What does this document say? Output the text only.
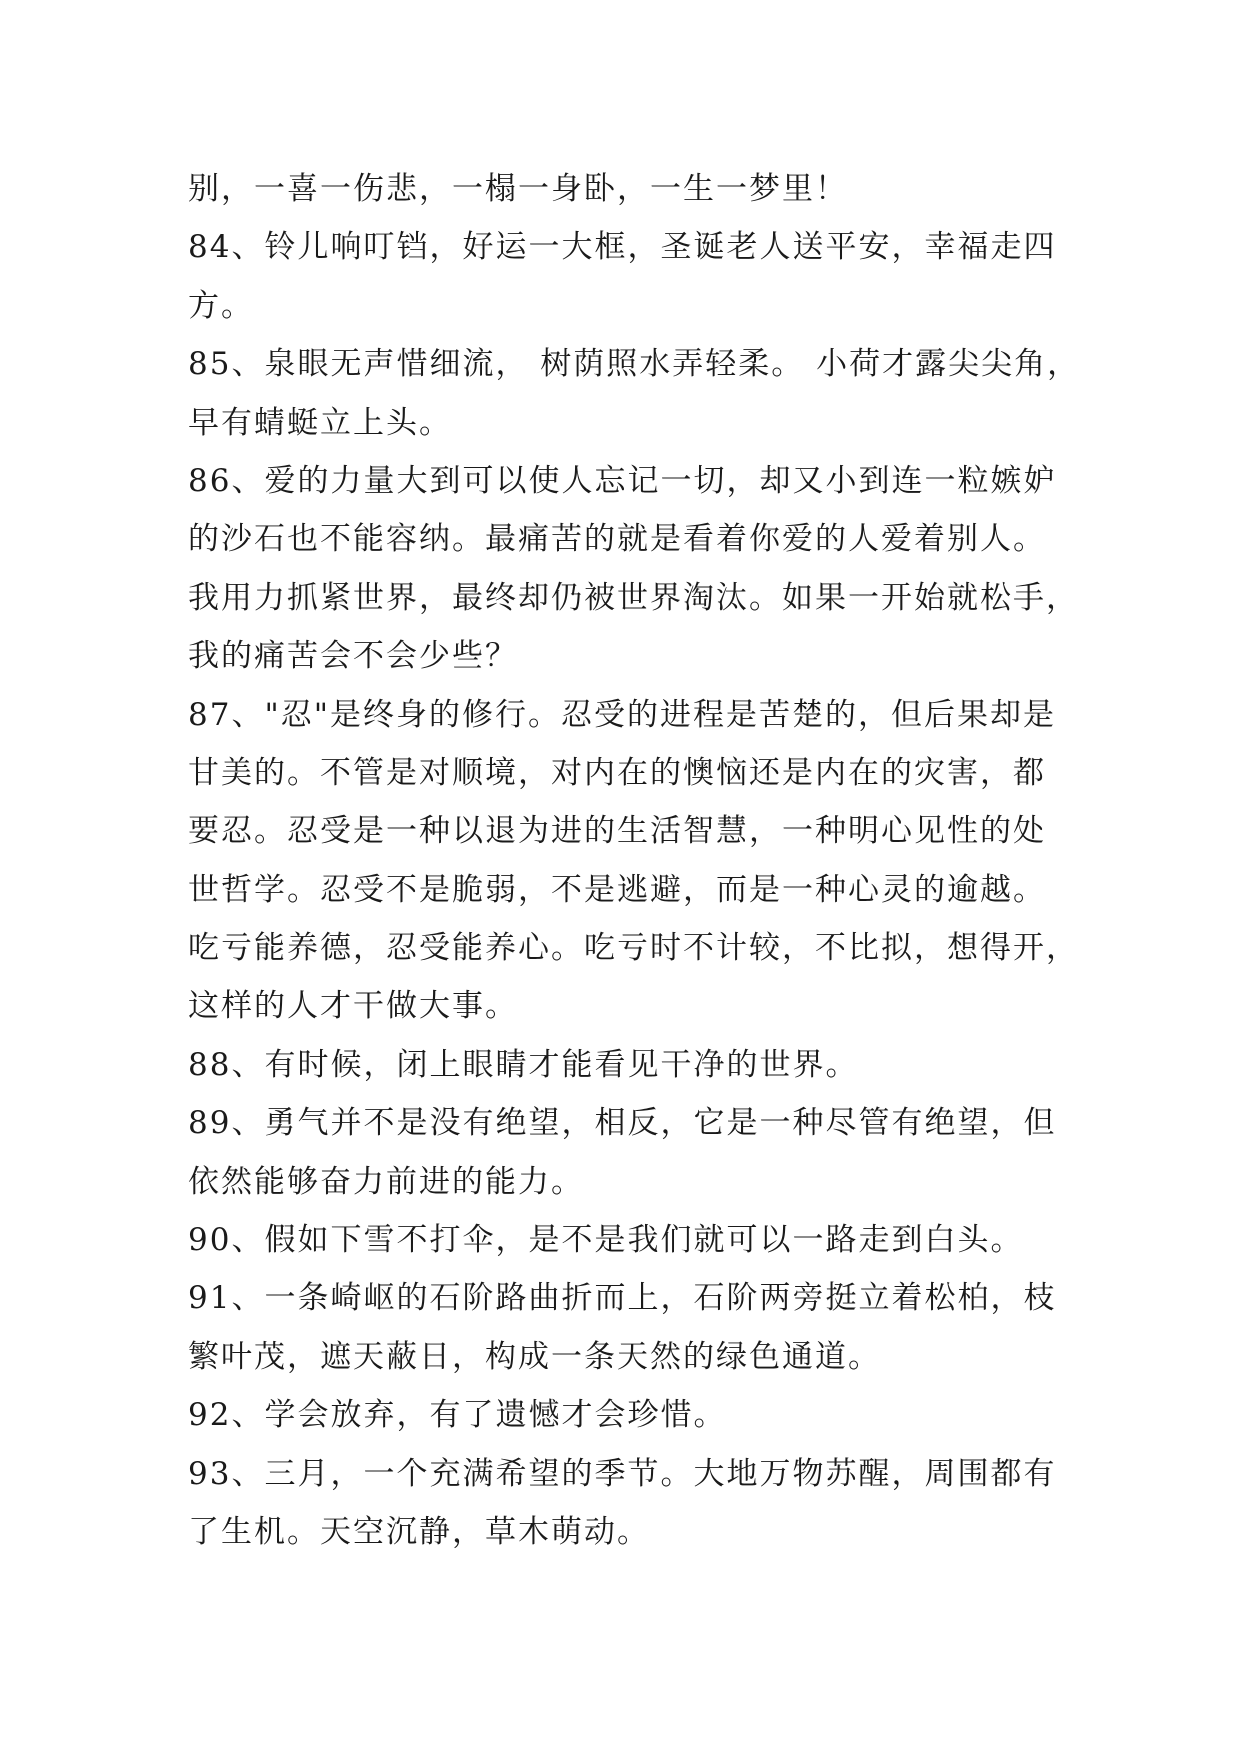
别，一喜一伤悲，一榻一身卧，一生一梦里！
84、铃儿响叮铛，好运一大框，圣诞老人送平安，幸福走四
方。
85、泉眼无声惜细流， 树荫照水弄轻柔。 小荷才露尖尖角，
早有蜻蜓立上头。
86、爱的力量大到可以使人忘记一切，却又小到连一粒嫉妒
的沙石也不能容纳。最痛苦的就是看着你爱的人爱着别人。
我用力抓紧世界，最终却仍被世界淘汰。如果一开始就松手，
我的痛苦会不会少些？
87、"忍"是终身的修行。忍受的进程是苦楚的，但后果却是
甘美的。不管是对顺境，对内在的懊恼还是内在的灾害，都
要忍。忍受是一种以退为进的生活智慧，一种明心见性的处
世哲学。忍受不是脆弱，不是逃避，而是一种心灵的逾越。
吃亏能养德，忍受能养心。吃亏时不计较，不比拟，想得开，
这样的人才干做大事。
88、有时候，闭上眼睛才能看见干净的世界。
89、勇气并不是没有绝望，相反，它是一种尽管有绝望，但
依然能够奋力前进的能力。
90、假如下雪不打伞，是不是我们就可以一路走到白头。
91、一条崎岖的石阶路曲折而上，石阶两旁挺立着松柏，枝
繁叶茂，遮天蔽日，构成一条天然的绿色通道。
92、学会放弃，有了遗憾才会珍惜。
93、三月，一个充满希望的季节。大地万物苏醒，周围都有
了生机。天空沉静，草木萌动。
